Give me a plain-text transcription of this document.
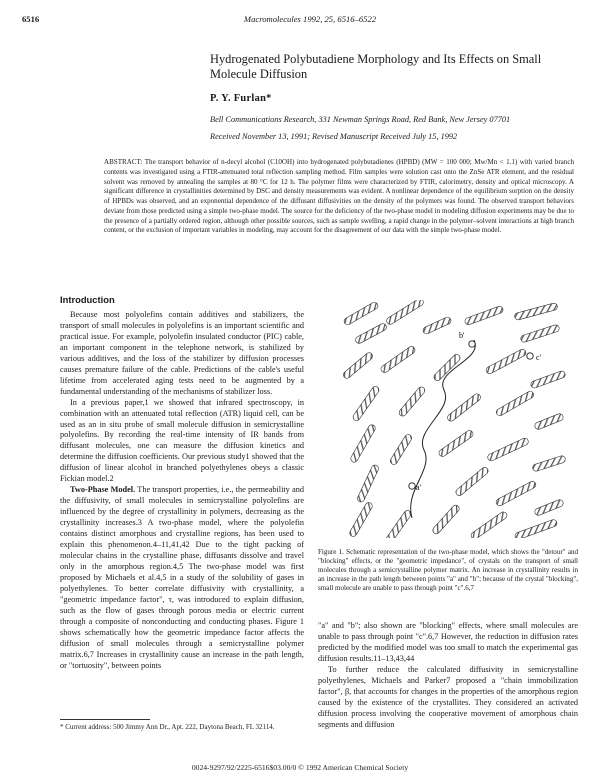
6516	Macromolecules 1992, 25, 6516–6522
Hydrogenated Polybutadiene Morphology and Its Effects on Small Molecule Diffusion
P. Y. Furlan*
Bell Communications Research, 331 Newman Springs Road, Red Bank, New Jersey 07701
Received November 13, 1991; Revised Manuscript Received July 15, 1992
ABSTRACT: The transport behavior of n-decyl alcohol (C10OH) into hydrogenated polybutadienes (HPBD) (MW = 100 000; Mw/Mn < 1.1) with varied branch contents was investigated using a FTIR-attenuated total reflection sampling method. Film samples were solution cast onto the ZnSe ATR element, and the residual solvent was removed by annealing the samples at 80 °C for 12 h. The polymer films were characterized by FTIR, calorimetry, density and optical microscopy. A significant difference in crystallinities determined by DSC and density measurements was evident. A nonlinear dependence of the equilibrium sorption on the density of HPBDs was observed, and an exponential dependence of the diffusant diffusivities on the density of the polymers was found. The observed transport behaviors deviate from those predicted using a simple two-phase model. The source for the deficiency of the two-phase model in modeling diffusion experiments may be due to the presence of a partially ordered region, although other possible sources, such as sample swelling, a rapid change in the polymer–solvent interactions at high branch content, or the exclusion of important variables in modeling, may account for the disagreement of our data with the simple two-phase model.
Introduction

Because most polyolefins contain additives and stabilizers, the transport of small molecules in polyolefins is an important scientific and practical issue. For example, polyolefin insulated conductor (PIC) cable, an important component in the telephone network, is stabilized by various additives, and the loss of the stabilizer by diffusion processes causes premature failure of the cable. Predictions of the cable's useful lifetime from accelerated aging tests need to be augmented by a fundamental understanding of the mechanisms of stabilizer loss.

In a previous paper,1 we showed that infrared spectroscopy, in combination with an attenuated total reflection (ATR) liquid cell, can be used as an in situ probe of small molecule diffusion in semicrystalline polyolefins. By recording the real-time intensity of IR bands from diffusant molecules, one can measure the diffusion kinetics and determine the diffusion coefficients. Our previous study1 showed that the diffusion of linear alcohol in branched polyethylenes obeys a classic Fickian model.2

Two-Phase Model. The transport properties, i.e., the permeability and the diffusivity, of small molecules in semicrystalline polyolefins are influenced by the degree of crystallinity in polymers, decreasing as the crystallinity increases.3 A two-phase model, where the polyolefin contains distinct amorphous and crystalline regions, has been used to explain this phenomenon.4–11,41,42 Due to the tight packing of molecular chains in the crystalline phase, diffusants dissolve and travel only in the amorphous region.4,5 The two-phase model was first proposed by Michaels et al.4,5 in a study of the solubility of gases in polyethylenes. To better correlate diffusivity with crystallinity, a "geometric impedance factor", τ, was introduced to explain diffusion, such as the flow of gases through porous media or electric current through a composite of nonconducting and conducting phases. Figure 1 shows schematically how the geometric impedance factor affects the diffusion of small molecules through a semicrystalline polymer matrix.6,7 Increases in crystallinity cause an increase in the path length, or "tortuosity", between points

* Current address: 500 Jimmy Ann Dr., Apt. 222, Daytona Beach, FL 32114.
a'
b'
c'
Figure 1. Schematic representation of the two-phase model, which shows the "detour" and "blocking" effects, or the "geometric impedance", of crystals on the transport of small molecules through a semicrystalline polymer matrix. An increase in crystallinity results in an increase in the path length between points "a" and "b"; because of the crystal "blocking", small molecule are unable to pass through point "c".6,7

"a" and "b"; also shown are "blocking" effects, where small molecules are unable to pass through point "c".6,7 However, the reduction in diffusion rates predicted by the modified model was too small to match the experimental gas diffusion results.11–13,43,44

To further reduce the calculated diffusivity in semicrystalline polyethylenes, Michaels and Parker7 proposed a "chain immobilization factor", β, that accounts for changes in the properties of the amorphous region caused by the existence of the crystallites. They considered an activated diffusion process involving the cooperative movement of amorphous chain segments and diffusion

0024-9297/92/2225-6516$03.00/0 © 1992 American Chemical Society
